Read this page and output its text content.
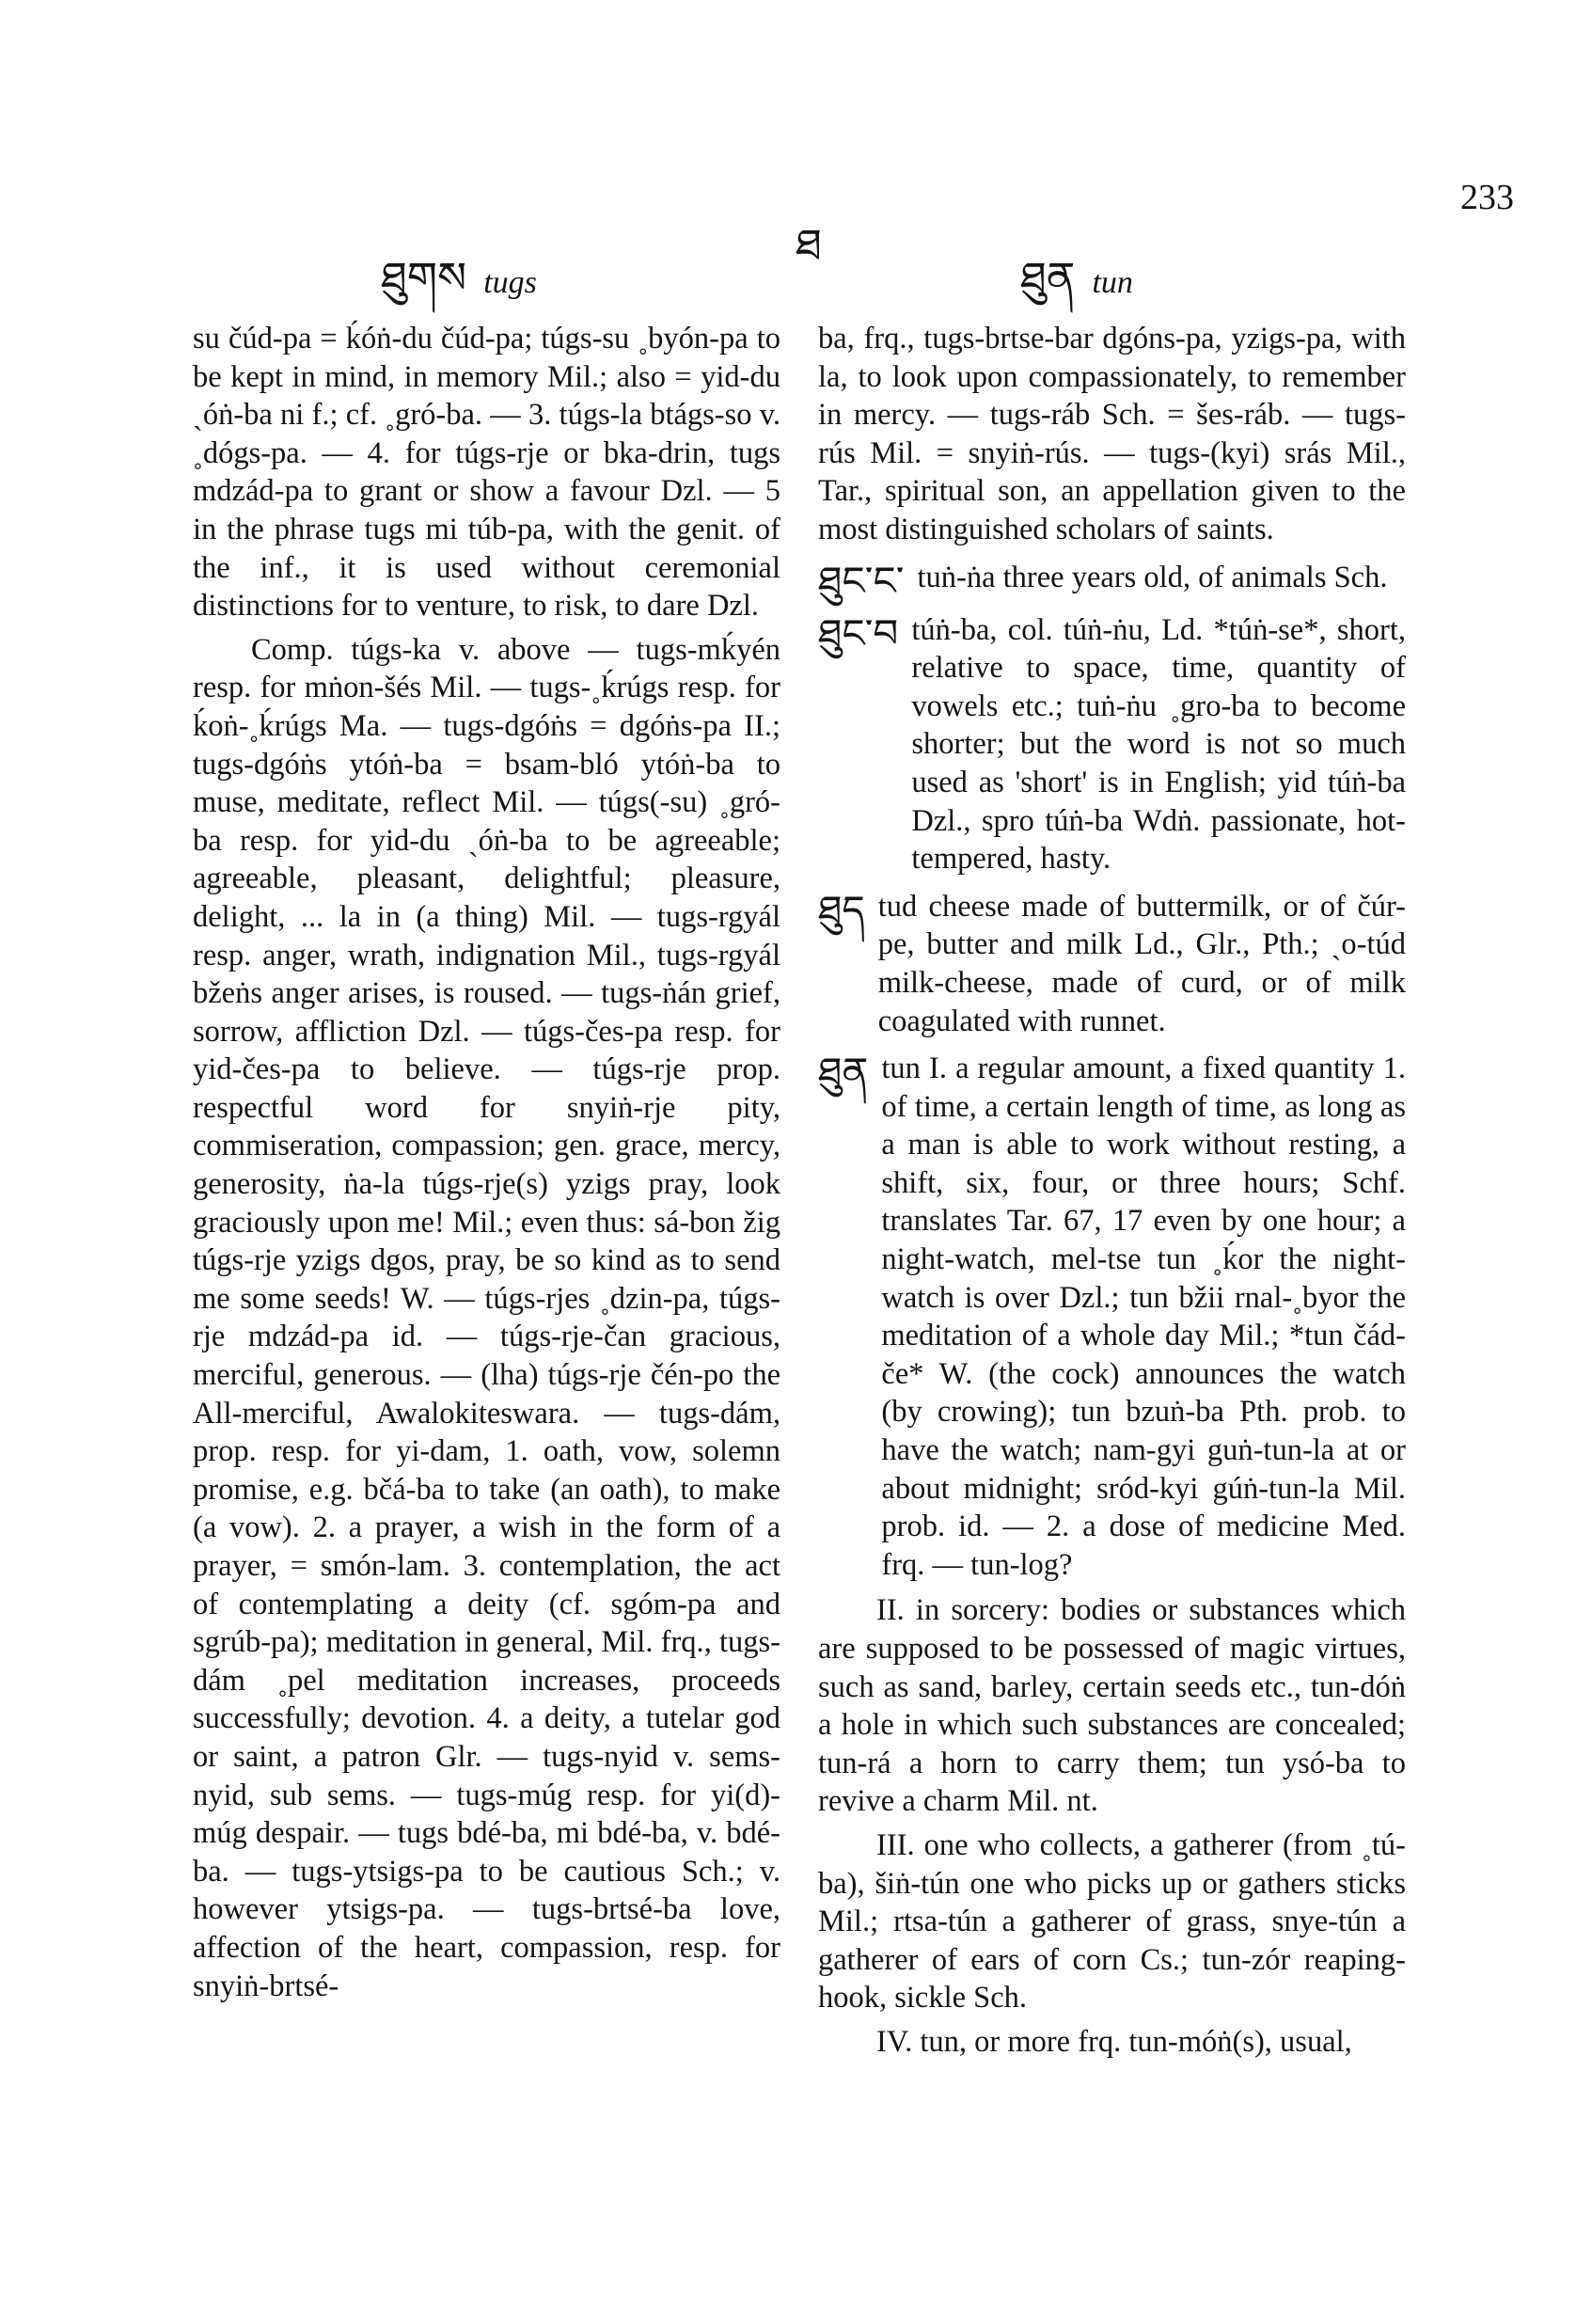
233
ཐ
ཐུགས tugs	ཐུན tun

su čúd-pa = ḱóṅ-du čúd-pa; túgs-su ˳byón-pa to be kept in mind, in memory Mil.; also = yid-du ˏóṅ-ba ni f.; cf. ˳gró-ba. — 3. túgs-la btágs-so v. ˳dógs-pa. — 4. for túgs-rje or bka-drin, tugs mdzád-pa to grant or show a favour Dzl. — 5 in the phrase tugs mi túb-pa, with the genit. of the inf., it is used without ceremonial distinctions for to venture, to risk, to dare Dzl.

Comp. túgs-ka v. above — tugs-mḱyén resp. for mṅon-šés Mil. — tugs-˳ḱrúgs resp. for ḱoṅ-˳ḱrúgs Ma. — tugs-dgóṅs = dgóṅs-pa II.; tugs-dgóṅs ytóṅ-ba = bsam-bló ytóṅ-ba to muse, meditate, reflect Mil. — túgs(-su) ˳gró-ba resp. for yid-du ˏóṅ-ba to be agreeable; agreeable, pleasant, delightful; pleasure, delight, ... la in (a thing) Mil. — tugs-rgyál resp. anger, wrath, indignation Mil., tugs-rgyál bžeṅs anger arises, is roused. — tugs-ṅán grief, sorrow, affliction Dzl. — túgs-čes-pa resp. for yid-čes-pa to believe. — túgs-rje prop. respectful word for snyiṅ-rje pity, commiseration, compassion; gen. grace, mercy, generosity, ṅa-la túgs-rje(s) yzigs pray, look graciously upon me! Mil.; even thus: sá-bon žig túgs-rje yzigs dgos, pray, be so kind as to send me some seeds! W. — túgs-rjes ˳dzin-pa, túgs-rje mdzád-pa id. — túgs-rje-čan gracious, merciful, generous. — (lha) túgs-rje čén-po the All-merciful, Awalokiteswara. — tugs-dám, prop. resp. for yi-dam, 1. oath, vow, solemn promise, e.g. bčá-ba to take (an oath), to make (a vow). 2. a prayer, a wish in the form of a prayer, = smón-lam. 3. contemplation, the act of contemplating a deity (cf. sgóm-pa and sgrúb-pa); meditation in general, Mil. frq., tugs-dám ˳pel meditation increases, proceeds successfully; devotion. 4. a deity, a tutelar god or saint, a patron Glr. — tugs-nyid v. sems-nyid, sub sems. — tugs-múg resp. for yi(d)-múg despair. — tugs bdé-ba, mi bdé-ba, v. bdé-ba. — tugs-ytsigs-pa to be cautious Sch.; v. however ytsigs-pa. — tugs-brtsé-ba love, affection of the heart, compassion, resp. for snyiṅ-brtsé-

ba, frq., tugs-brtse-bar dgóns-pa, yzigs-pa, with la, to look upon compassionately, to remember in mercy. — tugs-ráb Sch. = šes-ráb. — tugs-rús Mil. = snyiṅ-rús. — tugs-(kyi) srás Mil., Tar., spiritual son, an appellation given to the most distinguished scholars of saints.

ཐུང་ང་ tuṅ-ṅa three years old, of animals Sch.
ཐུང་བ túṅ-ba, col. túṅ-ṅu, Ld. *túṅ-se*, short, relative to space, time, quantity of vowels etc.; tuṅ-ṅu ˳gro-ba to become shorter; but the word is not so much used as 'short' is in English; yid túṅ-ba Dzl., spro túṅ-ba Wdṅ. passionate, hot-tempered, hasty.
ཐུད tud cheese made of buttermilk, or of čúr-pe, butter and milk Ld., Glr., Pth.; ˏo-túd milk-cheese, made of curd, or of milk coagulated with runnet.
ཐུན tun I. a regular amount, a fixed quantity 1. of time, a certain length of time, as long as a man is able to work without resting, a shift, six, four, or three hours; Schf. translates Tar. 67, 17 even by one hour; a night-watch, mel-tse tun ˳ḱor the night-watch is over Dzl.; tun bžii rnal-˳byor the meditation of a whole day Mil.; *tun čád-če* W. (the cock) announces the watch (by crowing); tun bzuṅ-ba Pth. prob. to have the watch; nam-gyi guṅ-tun-la at or about midnight; sród-kyi gúṅ-tun-la Mil. prob. id. — 2. a dose of medicine Med. frq. — tun-log?

II. in sorcery: bodies or substances which are supposed to be possessed of magic virtues, such as sand, barley, certain seeds etc., tun-dóṅ a hole in which such substances are concealed; tun-rá a horn to carry them; tun ysó-ba to revive a charm Mil. nt.

III. one who collects, a gatherer (from ˳tú-ba), šiṅ-tún one who picks up or gathers sticks Mil.; rtsa-tún a gatherer of grass, snye-tún a gatherer of ears of corn Cs.; tun-zór reaping-hook, sickle Sch.

IV. tun, or more frq. tun-móṅ(s), usual,
